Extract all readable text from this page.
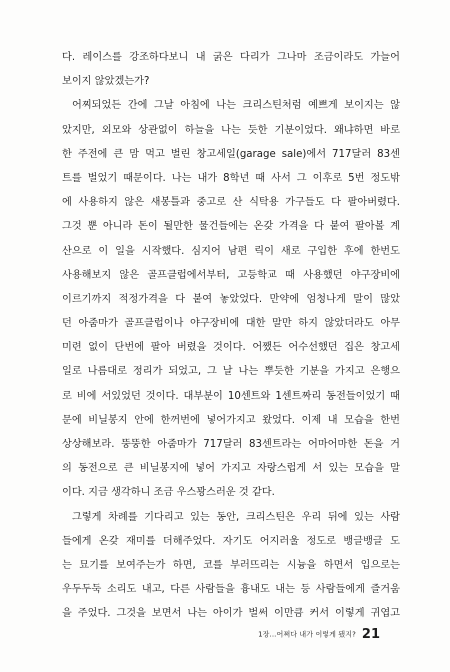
다. 레이스를 강조하다보니 내 굵은 다리가 그나마 조금이라도 가늘어
보이지 않았겠는가?
어찌되었든 간에 그날 아침에 나는 크리스틴처럼 예쁘게 보이지는 않
았지만, 외모와 상관없이 하늘을 나는 듯한 기분이었다. 왜냐하면 바로
한 주전에 큰 맘 먹고 벌린 창고세일(garage sale)에서 717달러 83센
트를 벌었기 때문이다. 나는 내가 8학년 때 사서 그 이후로 5번 정도밖
에 사용하지 않은 새봉틀과 중고로 산 식탁용 가구들도 다 팔아버렸다.
그것 뿐 아니라 돈이 될만한 물건들에는 온갖 가격을 다 붙여 팔아볼 계
산으로 이 일을 시작했다. 심지어 남편 릭이 새로 구입한 후에 한번도
사용해보지 않은 골프클럽에서부터, 고등학교 때 사용했던 야구장비에
이르기까지 적정가격을 다 붙여 놓았었다. 만약에 엄청나게 말이 많았
던 아줌마가 골프클럽이나 야구장비에 대한 말만 하지 않았더라도 아무
미련 없이 단번에 팔아 버렸을 것이다. 어쨌든 어수선했던 집은 창고세
일로 나름대로 정리가 되었고, 그 날 나는 뿌듯한 기분을 가지고 은행으
로 비에 서있었던 것이다. 대부분이 10센트와 1센트짜리 동전들이었기 때
문에 비닐봉지 안에 한꺼번에 넣어가지고 왔었다. 이제 내 모습을 한번
상상해보라. 뚱뚱한 아줌마가 717달러 83센트라는 어마어마한 돈을 거
의 동전으로 큰 비닐봉지에 넣어 가지고 자랑스럽게 서 있는 모습을 말
이다. 지금 생각하니 조금 우스꽝스러운 것 같다.
그렇게 차례를 기다리고 있는 동안, 크리스틴은 우리 뒤에 있는 사람
들에게 온갖 재미를 더해주었다. 자기도 어지러울 정도로 뱅글뱅글 도
는 묘기를 보여주는가 하면, 코를 부러뜨리는 시늉을 하면서 입으로는
우두두둑 소리도 내고, 다른 사람들을 흉내도 내는 등 사람들에게 즐거움
을 주었다. 그것을 보면서 나는 아이가 벌써 이만큼 커서 이렇게 귀엽고
1장...어쩌다 내가 이렇게 됐지? 21
